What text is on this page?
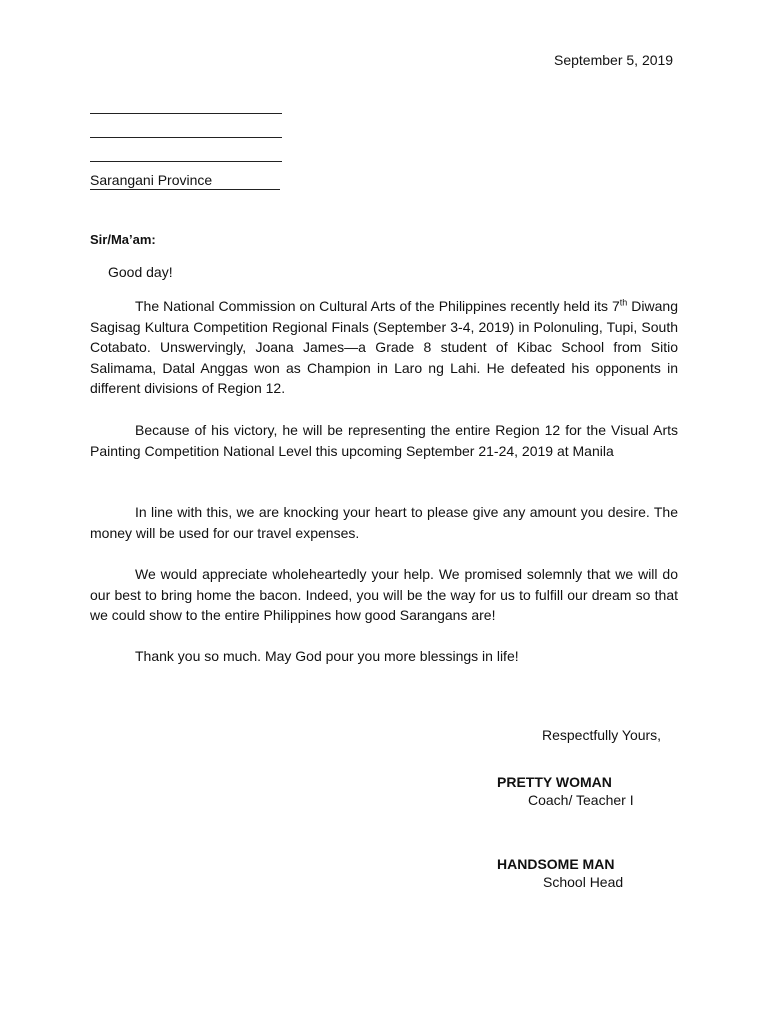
September 5, 2019
Sarangani Province
Sir/Ma’am:
Good day!

The National Commission on Cultural Arts of the Philippines recently held its 7th Diwang Sagisag Kultura Competition Regional Finals (September 3-4, 2019) in Polonuling, Tupi, South Cotabato. Unswervingly, Joana James—a Grade 8 student of Kibac School from Sitio Salimama, Datal Anggas won as Champion in Laro ng Lahi. He defeated his opponents in different divisions of Region 12.

Because of his victory, he will be representing the entire Region 12 for the Visual Arts Painting Competition National Level this upcoming September 21-24, 2019 at Manila

In line with this, we are knocking your heart to please give any amount you desire. The money will be used for our travel expenses.

We would appreciate wholeheartedly your help. We promised solemnly that we will do our best to bring home the bacon. Indeed, you will be the way for us to fulfill our dream so that we could show to the entire Philippines how good Sarangans are!

Thank you so much. May God pour you more blessings in life!

Respectfully Yours,
PRETTY WOMAN
Coach/ Teacher I
HANDSOME MAN
School Head
